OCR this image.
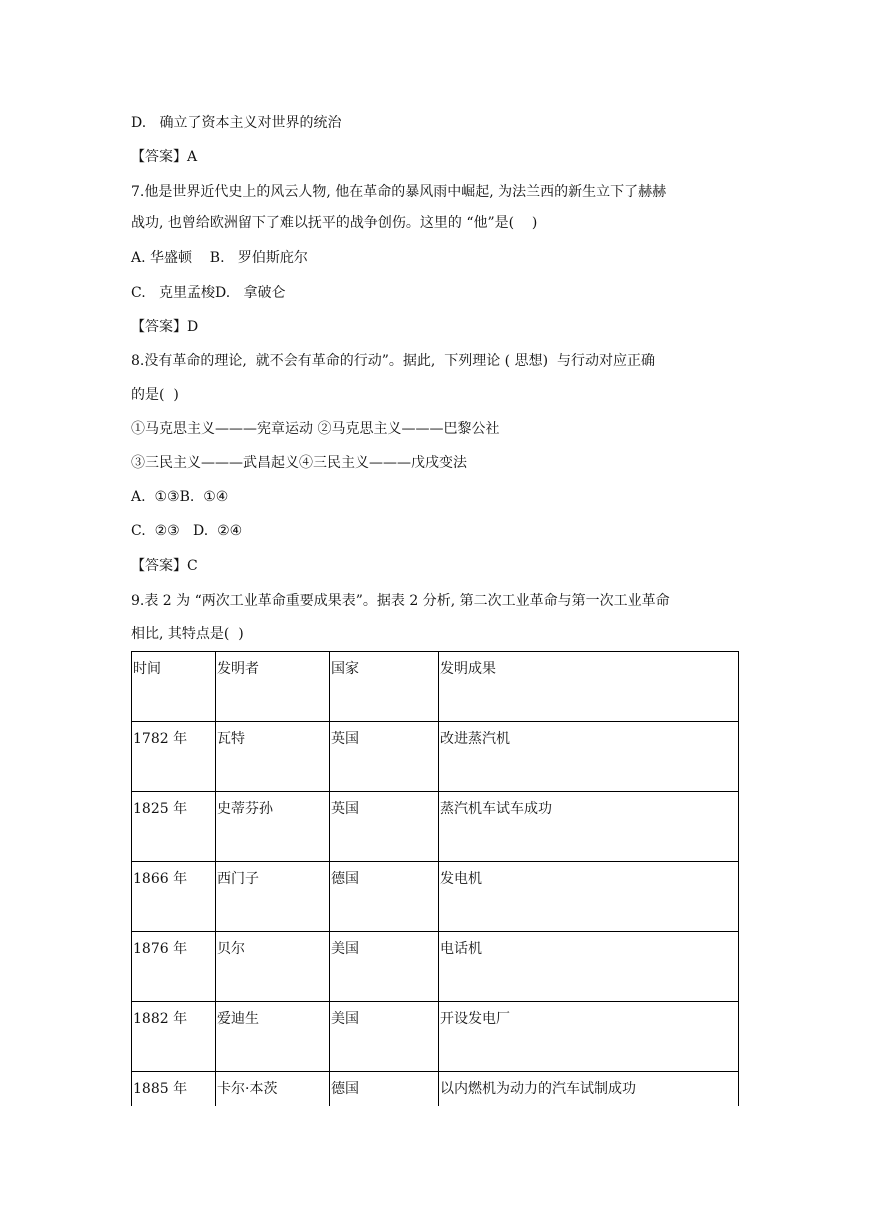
D.   确立了资本主义对世界的统治
【答案】A
7.他是世界近代史上的风云人物, 他在革命的暴风雨中崛起, 为法兰西的新生立下了赫赫
战功, 也曾给欧洲留下了难以抚平的战争创伤。这里的 “他”是(    )
A. 华盛顿    B.   罗伯斯庇尔
C.   克里孟梭D.   拿破仑
【答案】D
8.没有革命的理论,  就不会有革命的行动”。据此,  下列理论 ( 思想)  与行动对应正确
的是(  )
①马克思主义———宪章运动 ②马克思主义———巴黎公社
③三民主义———武昌起义④三民主义———戊戌变法
A.  ①③B.  ①④
C.  ②③   D.  ②④
【答案】C
9.表 2 为 “两次工业革命重要成果表”。据表 2 分析, 第二次工业革命与第一次工业革命
相比, 其特点是(  )
时间	发明者	国家	发明成果
1782 年	瓦特	英国	改进蒸汽机
1825 年	史蒂芬孙	英国	蒸汽机车试车成功
1866 年	西门子	德国	发电机
1876 年	贝尔	美国	电话机
1882 年	爱迪生	美国	开设发电厂
1885 年	卡尔·本茨	德国	以内燃机为动力的汽车试制成功
